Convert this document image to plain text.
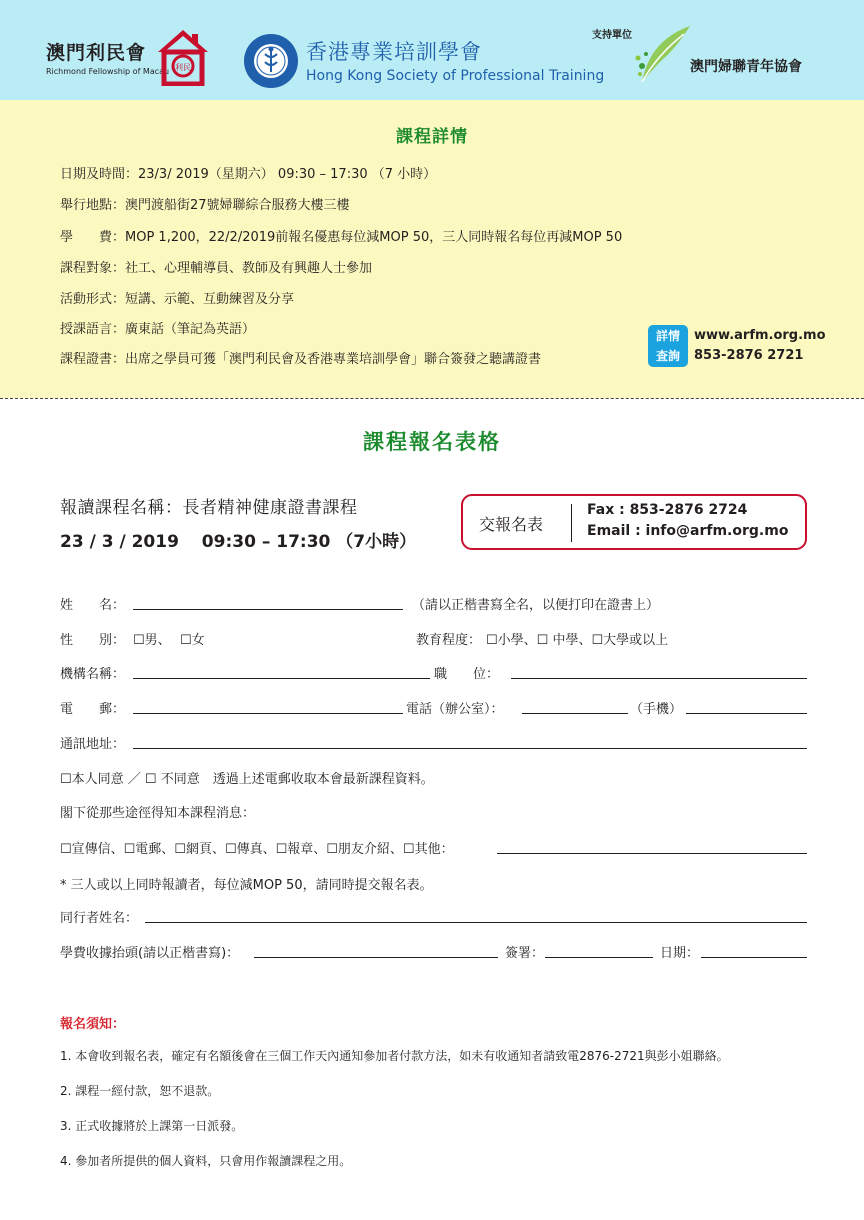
澳門利民會
Richmond Fellowship of Macau 利民
香港專業培訓學會
Hong Kong Society of Professional Training
支持單位
澳門婦聯青年協會
課程詳情
日期及時間：23/3/ 2019（星期六） 09:30 – 17:30 （7 小時）
舉行地點：澳門渡船街27號婦聯綜合服務大樓三樓
學　　費：MOP 1,200，22/2/2019前報名優惠每位減MOP 50，三人同時報名每位再減MOP 50
課程對象：社工、心理輔導員、教師及有興趣人士參加
活動形式：短講、示範、互動練習及分享
授課語言：廣東話（筆記為英語）
課程證書：出席之學員可獲「澳門利民會及香港專業培訓學會」聯合簽發之聽講證書
詳情
查詢
www.arfm.org.mo
853-2876 2721
課程報名表格
報讀課程名稱：長者精神健康證書課程
23 / 3 / 2019　 09:30 – 17:30 （7小時）
交報名表
Fax : 853-2876 2724
Email : info@arfm.org.mo
姓　　名：	（請以正楷書寫全名，以便打印在證書上）
性　　別： ☐男、 ☐女	教育程度： ☐小學、☐ 中學、☐大學或以上
機構名稱：	職　　位：
電　　郵：	電話（辦公室）：	（手機）
通訊地址：
☐本人同意 ／ ☐ 不同意　透過上述電郵收取本會最新課程資料。
閣下從那些途徑得知本課程消息：
☐宣傳信、☐電郵、☐網頁、☐傳真、☐報章、☐朋友介紹、☐其他：
* 三人或以上同時報讀者，每位減MOP 50，請同時提交報名表。
同行者姓名：
學費收據抬頭(請以正楷書寫)：	簽署：	日期：
報名須知：
1. 本會收到報名表，確定有名額後會在三個工作天內通知參加者付款方法，如未有收通知者請致電2876-2721與彭小姐聯絡。
2. 課程一經付款，恕不退款。
3. 正式收據將於上課第一日派發。
4. 參加者所提供的個人資料，只會用作報讀課程之用。
